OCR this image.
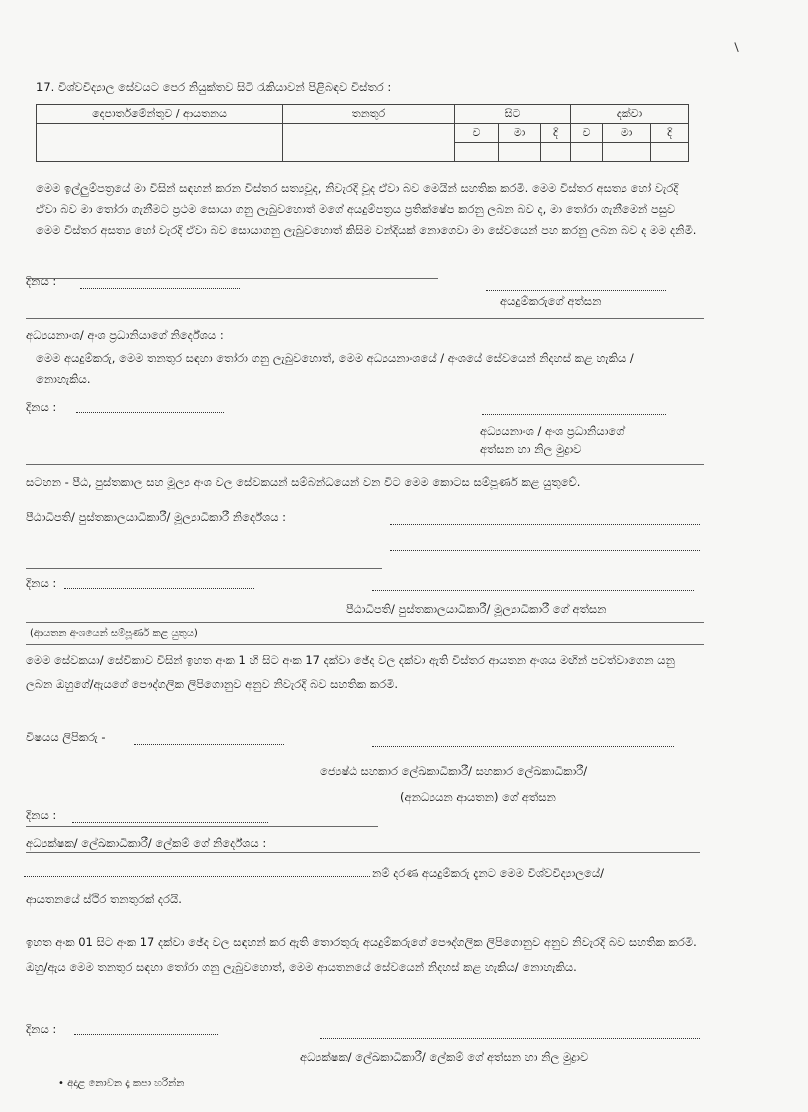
17. විශ්වවිද්‍යාල සේවයට පෙර නියුක්තව සිටි රැකියාවන් පිළිබඳව විස්තර :
දෙපාර්තමේන්තුව / ආයතනය	තනතුර	සිට			දක්වා		
		ව	මා	දි	ව	මා	දි

මෙම ඉල්ලුම්පත්‍රයේ මා විසින් සඳහන් කරන විස්තර සත්‍යවූද, නිවැරදි වූද ඒවා බව මෙයින් සහතික කරමි. මෙම විස්තර අසත්‍ය හෝ වැරදි ඒවා බව මා තෝරා ගැනීමට ප්‍රථම සොයා ගනු ලැබුවහොත් මගේ අයදුම්පත්‍රය ප්‍රතික්ෂේප කරනු ලබන බව ද, මා තෝරා ගැනීමෙන් පසුව මෙම විස්තර අසත්‍ය හෝ වැරදි ඒවා බව සොයාගනු ලැබුවහොත් කිසිම වන්දියක් නොගෙවා මා සේවයෙන් පහ කරනු ලබන බව ද මම දනිමි.
දිනය :
අයදුම්කරුගේ අත්සන
අධ්‍යයනාංශ/ අංශ ප්‍රධානියාගේ නිර්දේශය :
මෙම අයදුම්කරු, මෙම තනතුර සඳහා තෝරා ගනු ලැබුවහොත්, මෙම අධ්‍යයනාංශයේ / අංශයේ සේවයෙන් නිදහස් කළ හැකිය / නොහැකිය.
දිනය :
අධ්‍යයනාංශ / අංශ ප්‍රධානියාගේ
අත්සන හා නිල මුද්‍රාව
සටහන - පීඨ, පුස්තකාල සහ මූල්‍ය අංශ වල සේවකයන් සම්බන්ධයෙන් වන විට මෙම කොටස සම්පූර්ණ කළ යුතුවේ.
පීඨාධිපති/ පුස්තකාලයාධිකාරී/ මූල්‍යාධිකාරී නිර්දේශය :
දිනය :
පීඨාධිපති/ පුස්තකාලයාධිකාරී/ මූල්‍යාධිකාරී ගේ අත්සන
(ආයතන අංශයෙන් සම්පූර්ණ කළ යුතුය)
මෙම සේවකයා/ සේවිකාව විසින් ඉහත අංක 1 හි සිට අංක 17 දක්වා ඡේද වල දක්වා ඇති විස්තර ආයතන අංශය මඟින් පවත්වාගෙන යනු ලබන ඔහුගේ/ඇයගේ පෞද්ගලික ලිපිගොනුව අනුව නිවැරදි බව සහතික කරමි.
විෂයය ලිපිකරු -
ජ්‍යෙෂ්ඨ සහකාර ලේඛකාධිකාරී/ සහකාර ලේඛකාධිකාරී/
(අනධ්‍යයන ආයතන) ගේ අත්සන
දිනය :
අධ්‍යක්ෂක/ ලේඛකාධිකාරී/ ලේකම් ගේ නිර්දේශය :
නම් දරණ අයදුම්කරු දැනට මෙම විශ්වවිද්‍යාලයේ/
ආයතනයේ ස්ථිර තනතුරක් දරයි.
ඉහත අංක 01 සිට අංක 17 දක්වා ඡේද වල සඳහන් කර ඇති තොරතුරු අයදුම්කරුගේ පෞද්ගලික ලිපිගොනුව අනුව නිවැරදි බව සහතික කරමි. ඔහු/ඇය මෙම තනතුර සඳහා තෝරා ගනු ලැබුවහොත්, මෙම ආයතනයේ සේවයෙන් නිදහස් කළ හැකිය/ නොහැකිය.
දිනය :
අධ්‍යක්ෂක/ ලේඛකාධිකාරී/ ලේකම් ගේ අත්සන හා නිල මුද්‍රාව
• අදාළ නොවන දෑ කපා හරින්න
